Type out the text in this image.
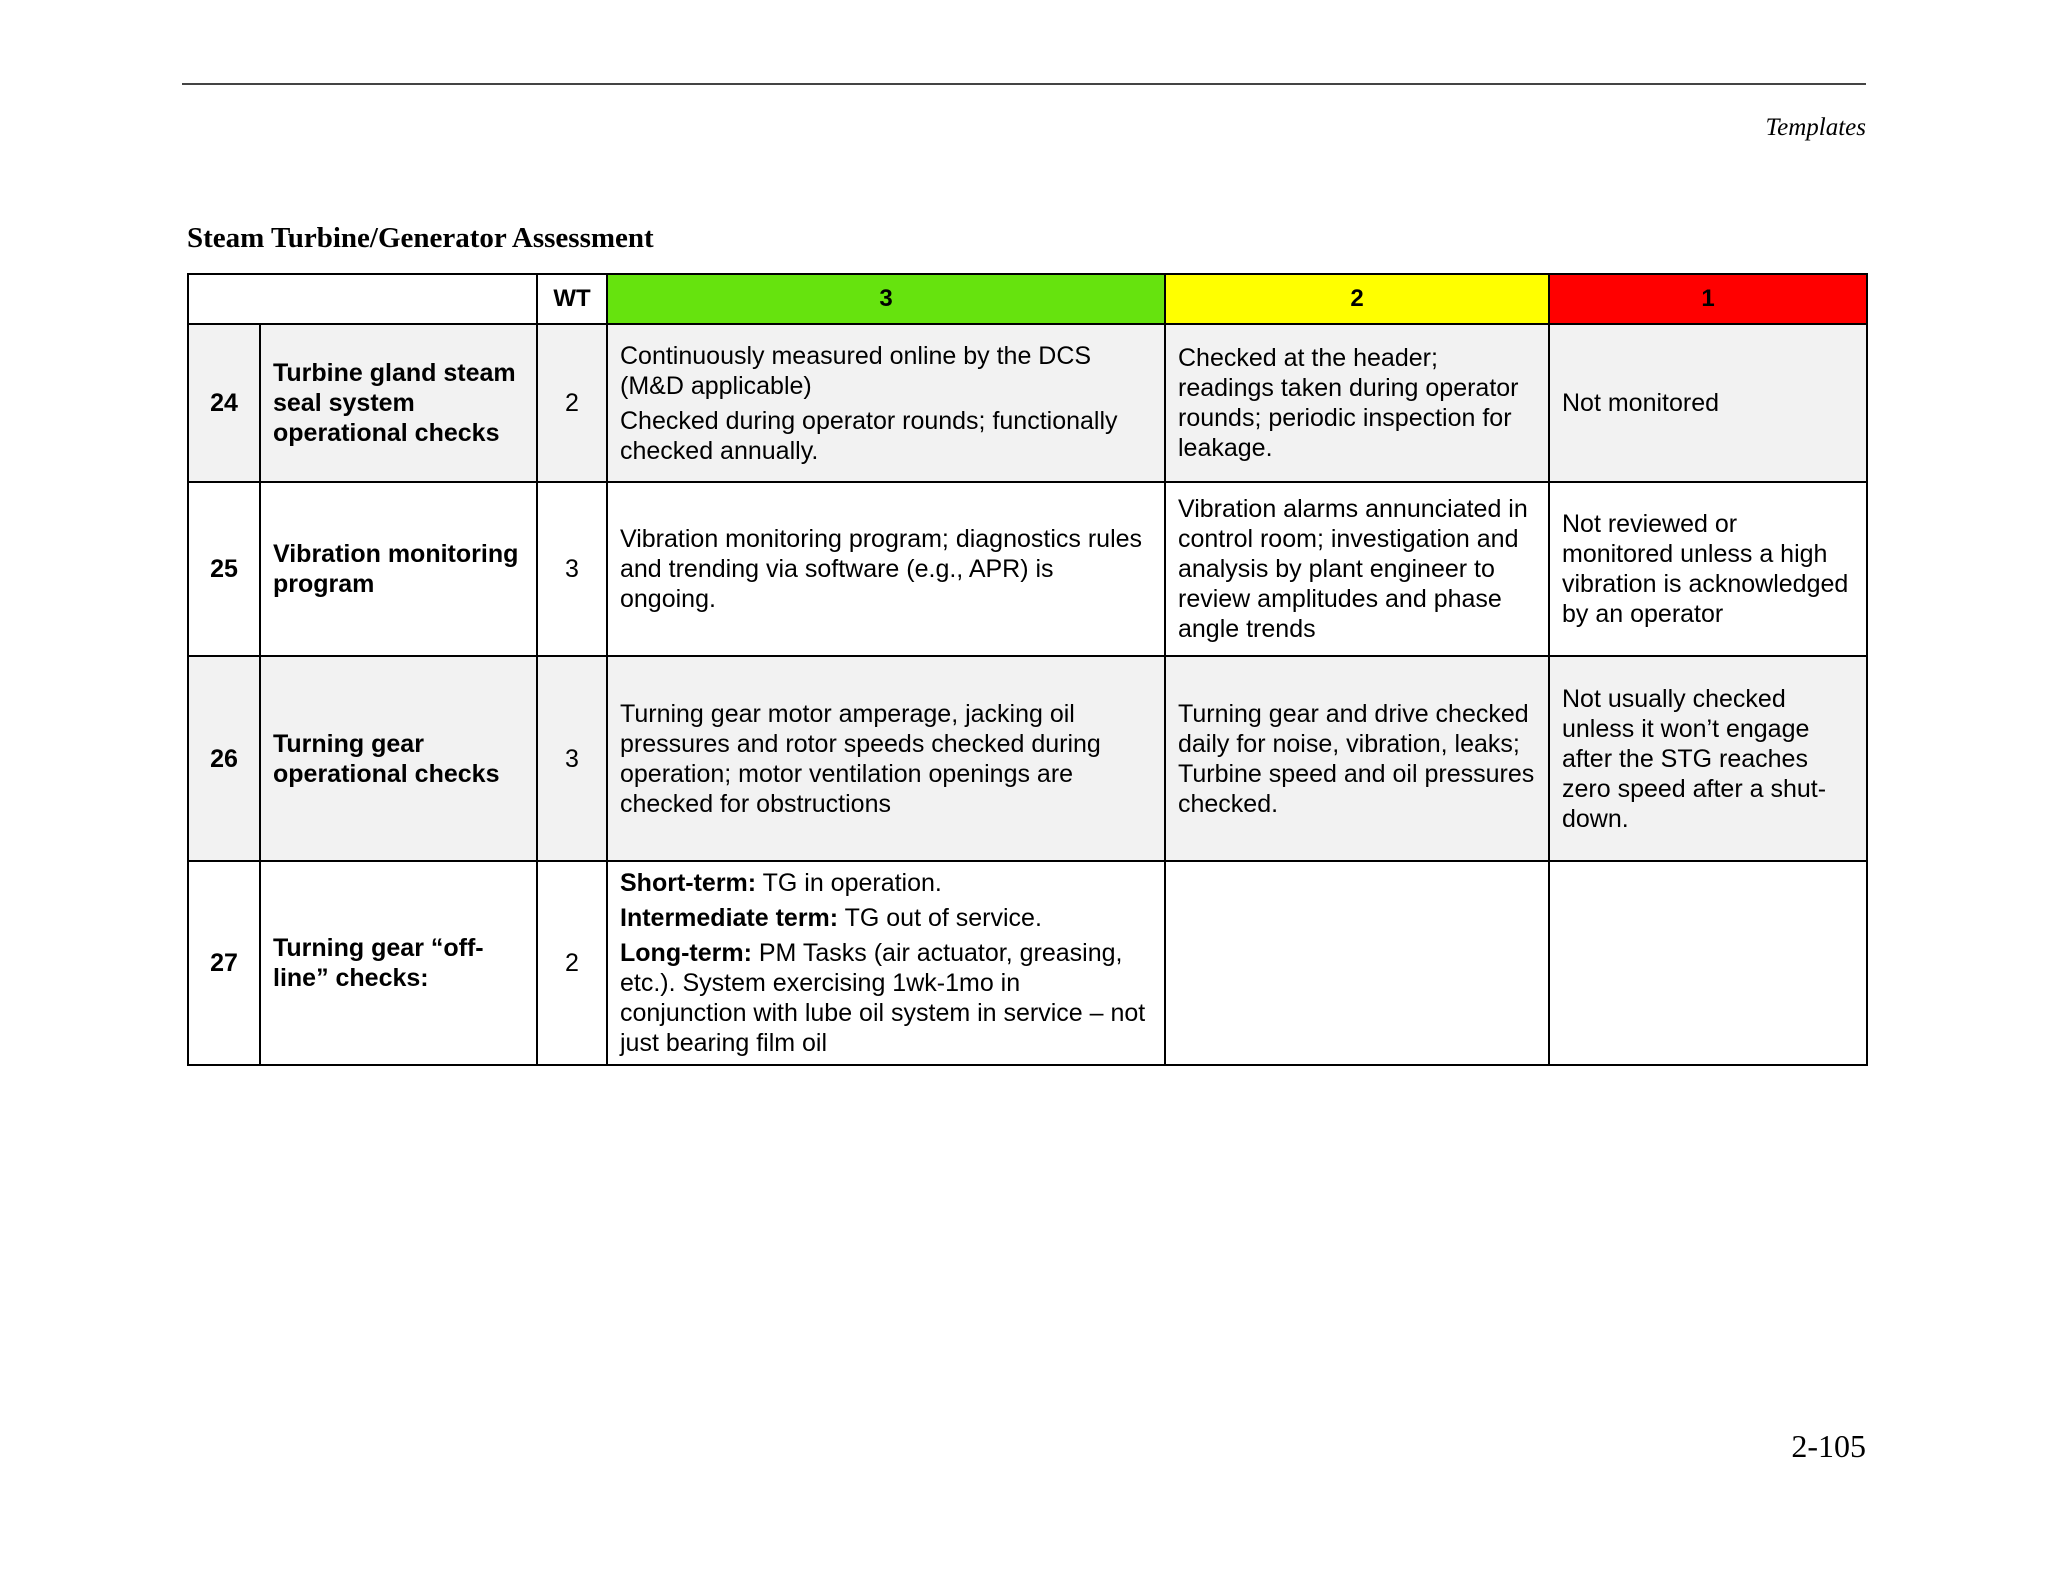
Templates
Steam Turbine/Generator Assessment
		WT	3	2	1
24	Turbine gland steam seal system operational checks	2	Continuously measured online by the DCS (M&D applicable)
Checked during operator rounds; functionally checked annually.	Checked at the header; readings taken during operator rounds; periodic inspection for leakage.	Not monitored
25	Vibration monitoring program	3	Vibration monitoring program; diagnostics rules and trending via software (e.g., APR) is ongoing.	Vibration alarms annunciated in control room; investigation and analysis by plant engineer to review amplitudes and phase angle trends	Not reviewed or monitored unless a high vibration is acknowledged by an operator
26	Turning gear operational checks	3	Turning gear motor amperage, jacking oil pressures and rotor speeds checked during operation; motor ventilation openings are checked for obstructions	Turning gear and drive checked daily for noise, vibration, leaks; Turbine speed and oil pressures checked.	Not usually checked unless it won’t engage after the STG reaches zero speed after a shut-down.
27	Turning gear “off-line” checks:	2	Short-term: TG in operation.
Intermediate term: TG out of service.
Long-term: PM Tasks (air actuator, greasing, etc.). System exercising 1wk-1mo in conjunction with lube oil system in service – not just bearing film oil		

2-105
